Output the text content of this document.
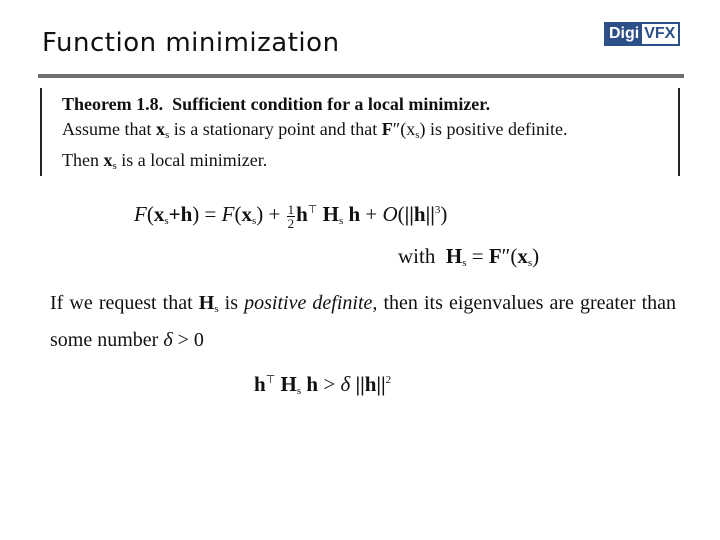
Function minimization	Digi VFX
Theorem 1.8. Sufficient condition for a local minimizer.
Assume that $x_s$ is a stationary point and that $F''(x_s)$ is positive definite.
Then $x_s$ is a local minimizer.
$F(x_s+h) = F(x_s) + \frac{1}{2} h^⊤$ $H_s$ $h + O(||h||^3)$
with $H_s = F''(x_s)$
If we request that $H_s$ is positive definite, then its eigenvalues are greater than some number δ > 0
h⊤ $H_s$ h > δ $||h||^2$
